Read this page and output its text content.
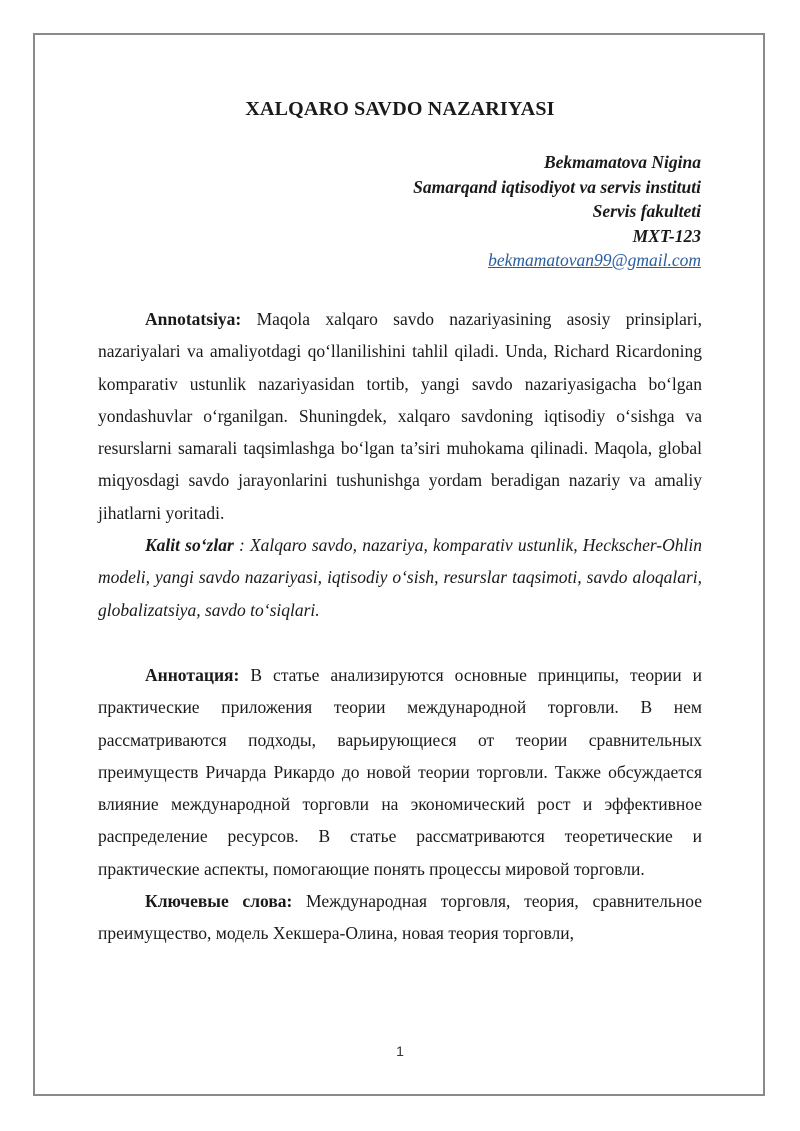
XALQARO SAVDO NAZARIYASI
Bekmamatova Nigina
Samarqand iqtisodiyot va servis instituti
Servis fakulteti
MXT-123
bekmamatovan99@gmail.com

Annotatsiya: Maqola xalqaro savdo nazariyasining asosiy prinsiplari, nazariyalari va amaliyotdagi qo‘llanilishini tahlil qiladi. Unda, Richard Ricardoning komparativ ustunlik nazariyasidan tortib, yangi savdo nazariyasigacha bo‘lgan yondashuvlar o‘rganilgan. Shuningdek, xalqaro savdoning iqtisodiy o‘sishga va resurslarni samarali taqsimlashga bo‘lgan ta’siri muhokama qilinadi. Maqola, global miqyosdagi savdo jarayonlarini tushunishga yordam beradigan nazariy va amaliy jihatlarni yoritadi.

Kalit so‘zlar : Xalqaro savdo, nazariya, komparativ ustunlik, Heckscher-Ohlin modeli, yangi savdo nazariyasi, iqtisodiy o‘sish, resurslar taqsimoti, savdo aloqalari, globalizatsiya, savdo to‘siqlari.

Аннотация: В статье анализируются основные принципы, теории и практические приложения теории международной торговли. В нем рассматриваются подходы, варьирующиеся от теории сравнительных преимуществ Ричарда Рикардо до новой теории торговли. Также обсуждается влияние международной торговли на экономический рост и эффективное распределение ресурсов. В статье рассматриваются теоретические и практические аспекты, помогающие понять процессы мировой торговли.

Ключевые слова: Международная торговля, теория, сравнительное преимущество, модель Хекшера-Олина, новая теория торговли,

1
